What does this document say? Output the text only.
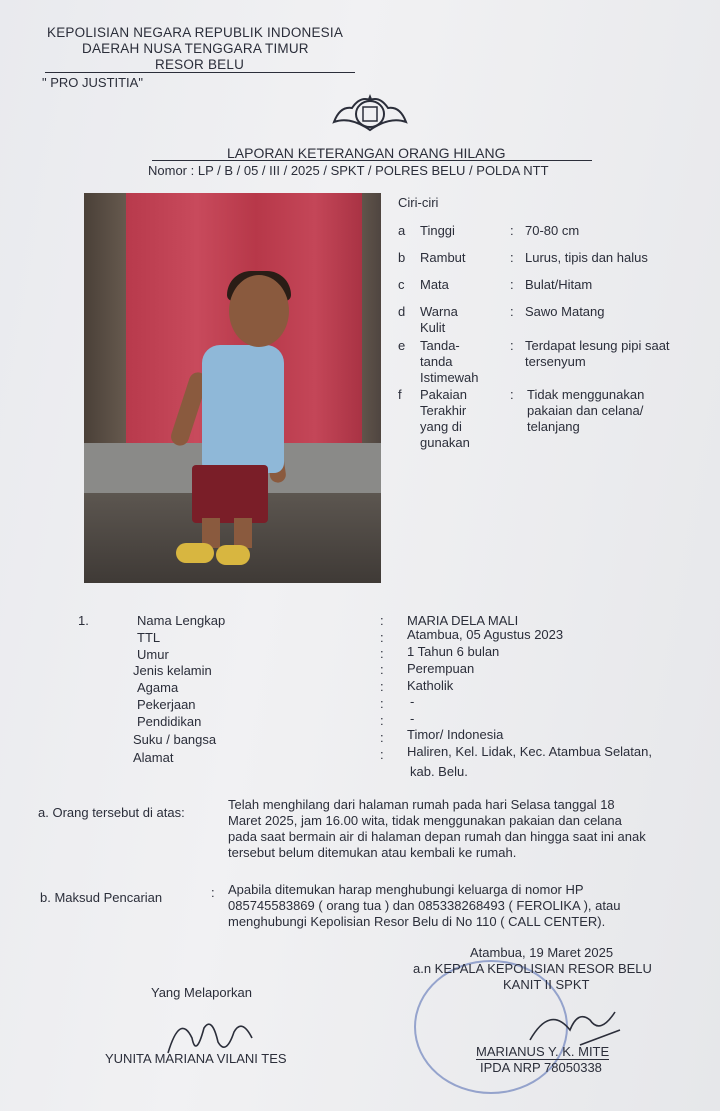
KEPOLISIAN NEGARA REPUBLIK INDONESIA
DAERAH NUSA TENGGARA TIMUR
RESOR BELU
" PRO JUSTITIA"
LAPORAN KETERANGAN ORANG HILANG
Nomor : LP / B / 05 / III / 2025 / SPKT / POLRES BELU / POLDA NTT
Ciri-ciri
a Tinggi	: 70-80 cm
b Rambut	: Lurus, tipis dan halus
c Mata	: Bulat/Hitam
d Warna
Kulit
: Sawo Matang
e Tanda-
tanda
Istimewah
: Terdapat lesung pipi saat
tersenyum
f Pakaian
Terakhir
yang di
gunakan
: Tidak menggunakan
pakaian dan celana/
telanjang
1.	Nama Lengkap	: MARIA DELA MALI
TTL	: Atambua, 05 Agustus 2023
Umur	: 1 Tahun 6 bulan
Jenis kelamin	: Perempuan
Agama	: Katholik
Pekerjaan	: -
Pendidikan	: -
Suku / bangsa	: Timor/ Indonesia
Alamat	: Haliren, Kel. Lidak, Kec. Atambua Selatan,
kab. Belu.
a. Orang tersebut di atas:
Telah menghilang dari halaman rumah pada hari Selasa tanggal 18
Maret 2025, jam 16.00 wita, tidak menggunakan pakaian dan celana
pada saat bermain air di halaman depan rumah dan hingga saat ini anak
tersebut belum ditemukan atau kembali ke rumah.
b. Maksud Pencarian	: Apabila ditemukan harap menghubungi keluarga di nomor HP
085745583869 ( orang tua ) dan 085338268493 ( FEROLIKA ), atau
menghubungi Kepolisian Resor Belu di No 110 ( CALL CENTER).
Atambua, 19 Maret 2025
a.n KEPALA KEPOLISIAN RESOR BELU
KANIT II SPKT
MARIANUS Y. K. MITE
IPDA NRP 78050338
Yang Melaporkan
YUNITA MARIANA VILANI TES
